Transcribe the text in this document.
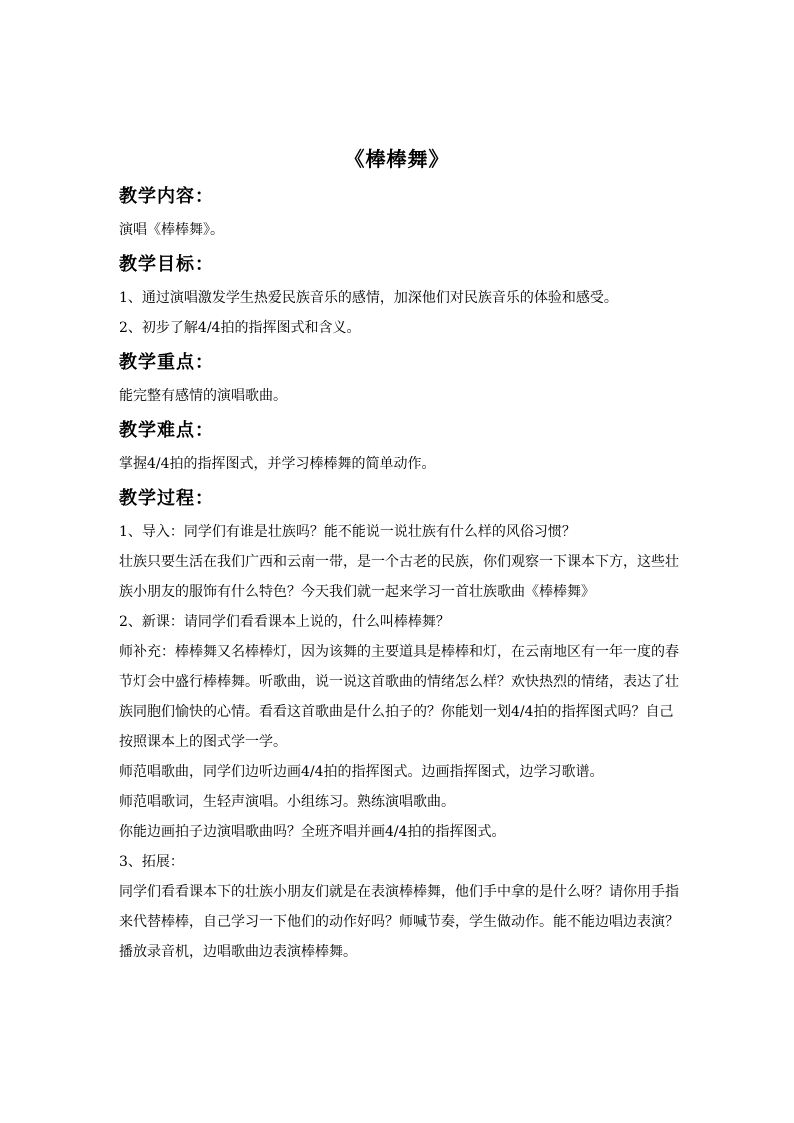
《棒棒舞》
教学内容：
演唱《棒棒舞》。
教学目标：
1、通过演唱激发学生热爱民族音乐的感情，加深他们对民族音乐的体验和感受。
2、初步了解4/4拍的指挥图式和含义。
教学重点：
能完整有感情的演唱歌曲。
教学难点：
掌握4/4拍的指挥图式，并学习棒棒舞的简单动作。
教学过程：
1、导入：同学们有谁是壮族吗？能不能说一说壮族有什么样的风俗习惯？
壮族只要生活在我们广西和云南一带，是一个古老的民族，你们观察一下课本下方，这些壮
族小朋友的服饰有什么特色？今天我们就一起来学习一首壮族歌曲《棒棒舞》
2、新课：请同学们看看课本上说的，什么叫棒棒舞？
师补充：棒棒舞又名棒棒灯，因为该舞的主要道具是棒棒和灯，在云南地区有一年一度的春
节灯会中盛行棒棒舞。听歌曲，说一说这首歌曲的情绪怎么样？欢快热烈的情绪，表达了壮
族同胞们愉快的心情。看看这首歌曲是什么拍子的？你能划一划4/4拍的指挥图式吗？自己
按照课本上的图式学一学。
师范唱歌曲，同学们边听边画4/4拍的指挥图式。边画指挥图式，边学习歌谱。
师范唱歌词，生轻声演唱。小组练习。熟练演唱歌曲。
你能边画拍子边演唱歌曲吗？全班齐唱并画4/4拍的指挥图式。
3、拓展：
同学们看看课本下的壮族小朋友们就是在表演棒棒舞，他们手中拿的是什么呀？请你用手指
来代替棒棒，自己学习一下他们的动作好吗？师喊节奏，学生做动作。能不能边唱边表演？
播放录音机，边唱歌曲边表演棒棒舞。
